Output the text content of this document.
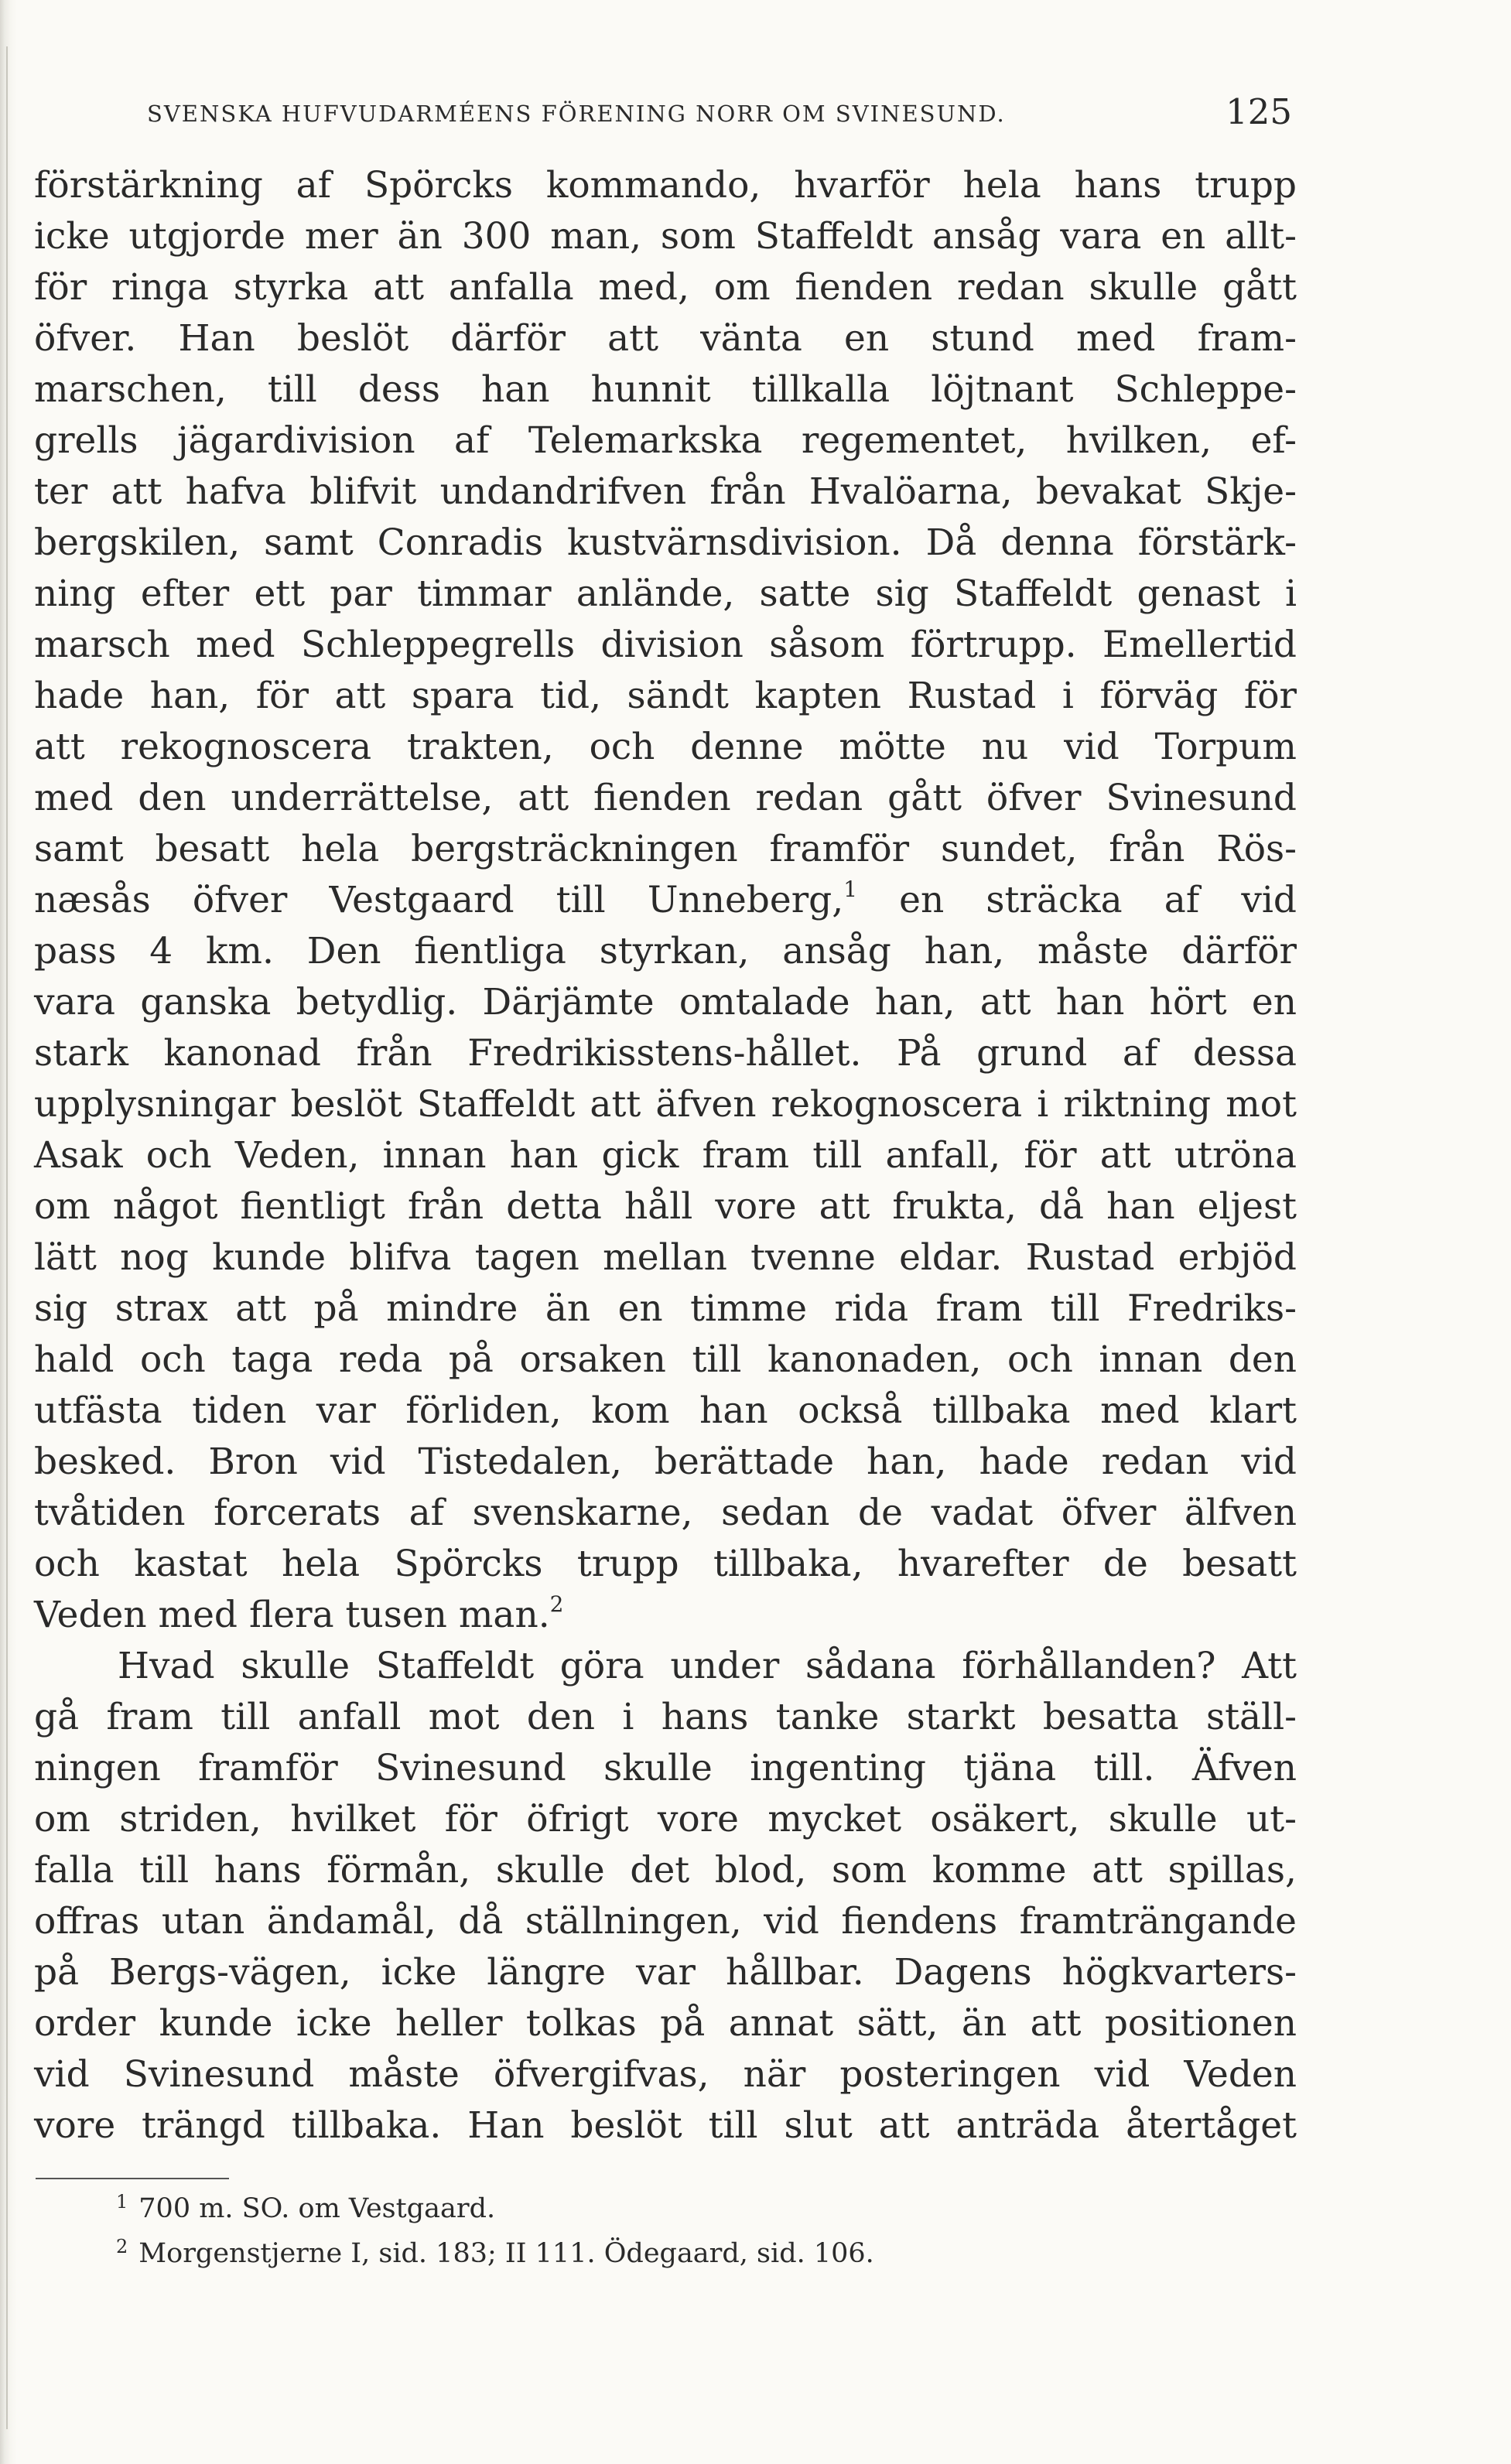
SVENSKA HUFVUDARMÉENS FÖRENING NORR OM SVINESUND.	125
förstärkning af Spörcks kommando, hvarför hela hans trupp
icke utgjorde mer än 300 man, som Staffeldt ansåg vara en allt-
för ringa styrka att anfalla med, om fienden redan skulle gått
öfver. Han beslöt därför att vänta en stund med fram-
marschen, till dess han hunnit tillkalla löjtnant Schleppe-
grells jägardivision af Telemarkska regementet, hvilken, ef-
ter att hafva blifvit undandrifven från Hvalöarna, bevakat Skje-
bergskilen, samt Conradis kustvärnsdivision. Då denna förstärk-
ning efter ett par timmar anlände, satte sig Staffeldt genast i
marsch med Schleppegrells division såsom förtrupp. Emellertid
hade han, för att spara tid, sändt kapten Rustad i förväg för
att rekognoscera trakten, och denne mötte nu vid Torpum
med den underrättelse, att fienden redan gått öfver Svinesund
samt besatt hela bergsträckningen framför sundet, från Rös-
næsås öfver Vestgaard till Unneberg,$^1$ en sträcka af vid
pass 4 km. Den fientliga styrkan, ansåg han, måste därför
vara ganska betydlig. Därjämte omtalade han, att han hört en
stark kanonad från Fredrikisstens-hållet. På grund af dessa
upplysningar beslöt Staffeldt att äfven rekognoscera i riktning mot
Asak och Veden, innan han gick fram till anfall, för att utröna
om något fientligt från detta håll vore att frukta, då han eljest
lätt nog kunde blifva tagen mellan tvenne eldar. Rustad erbjöd
sig strax att på mindre än en timme rida fram till Fredriks-
hald och taga reda på orsaken till kanonaden, och innan den
utfästa tiden var förliden, kom han också tillbaka med klart
besked. Bron vid Tistedalen, berättade han, hade redan vid
tvåtiden forcerats af svenskarne, sedan de vadat öfver älfven
och kastat hela Spörcks trupp tillbaka, hvarefter de besatt
Veden med flera tusen man.$^2$
Hvad skulle Staffeldt göra under sådana förhållanden? Att
gå fram till anfall mot den i hans tanke starkt besatta ställ-
ningen framför Svinesund skulle ingenting tjäna till. Äfven
om striden, hvilket för öfrigt vore mycket osäkert, skulle ut-
falla till hans förmån, skulle det blod, som komme att spillas,
offras utan ändamål, då ställningen, vid fiendens framträngande
på Bergs-vägen, icke längre var hållbar. Dagens högkvarters-
order kunde icke heller tolkas på annat sätt, än att positionen
vid Svinesund måste öfvergifvas, när posteringen vid Veden
vore trängd tillbaka. Han beslöt till slut att anträda återtåget
$^1$ 700 m. SO. om Vestgaard.
$^2$ Morgenstjerne I, sid. 183; II 111. Ödegaard, sid. 106.
